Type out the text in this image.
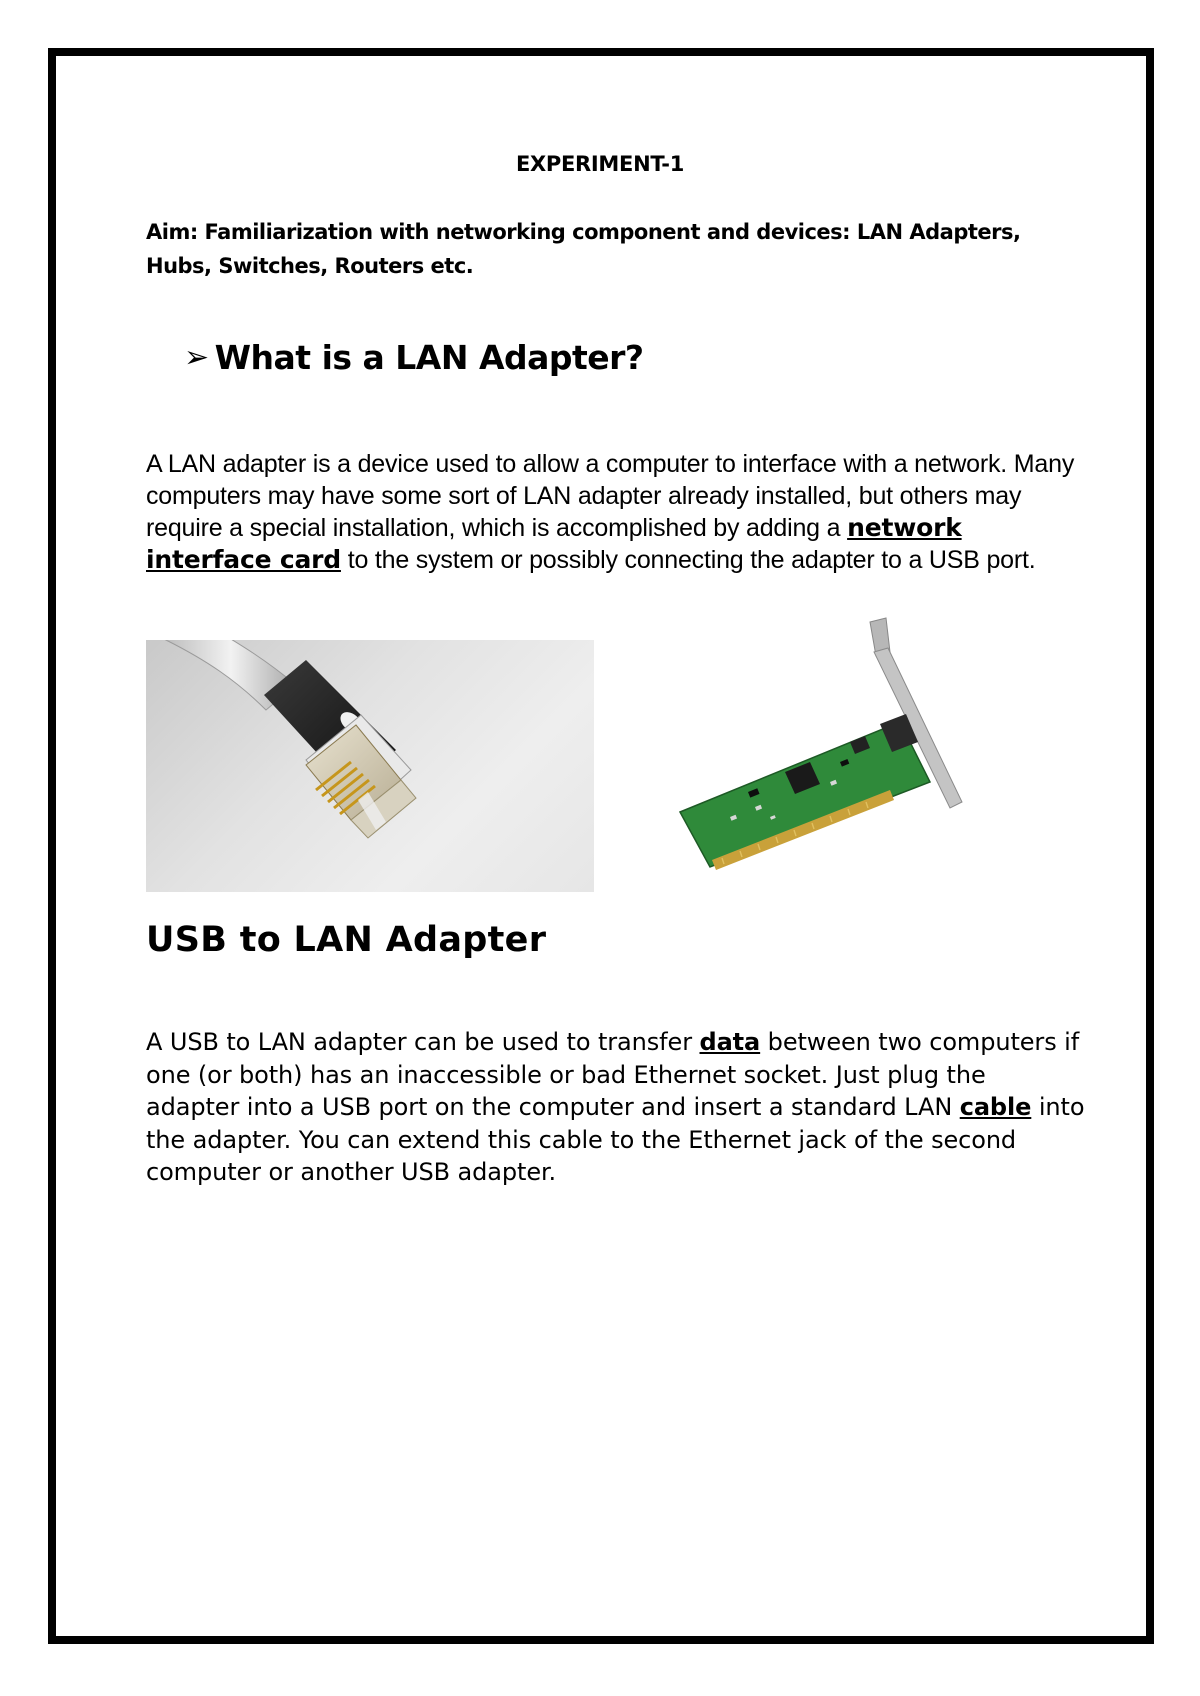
EXPERIMENT-1
Aim: Familiarization with networking component and devices: LAN Adapters, Hubs, Switches, Routers etc.
➢ What is a LAN Adapter?
A LAN adapter is a device used to allow a computer to interface with a network. Many computers may have some sort of LAN adapter already installed, but others may require a special installation, which is accomplished by adding a network interface card to the system or possibly connecting the adapter to a USB port.
USB to LAN Adapter
A USB to LAN adapter can be used to transfer data between two computers if one (or both) has an inaccessible or bad Ethernet socket. Just plug the adapter into a USB port on the computer and insert a standard LAN cable into the adapter. You can extend this cable to the Ethernet jack of the second computer or another USB adapter.
